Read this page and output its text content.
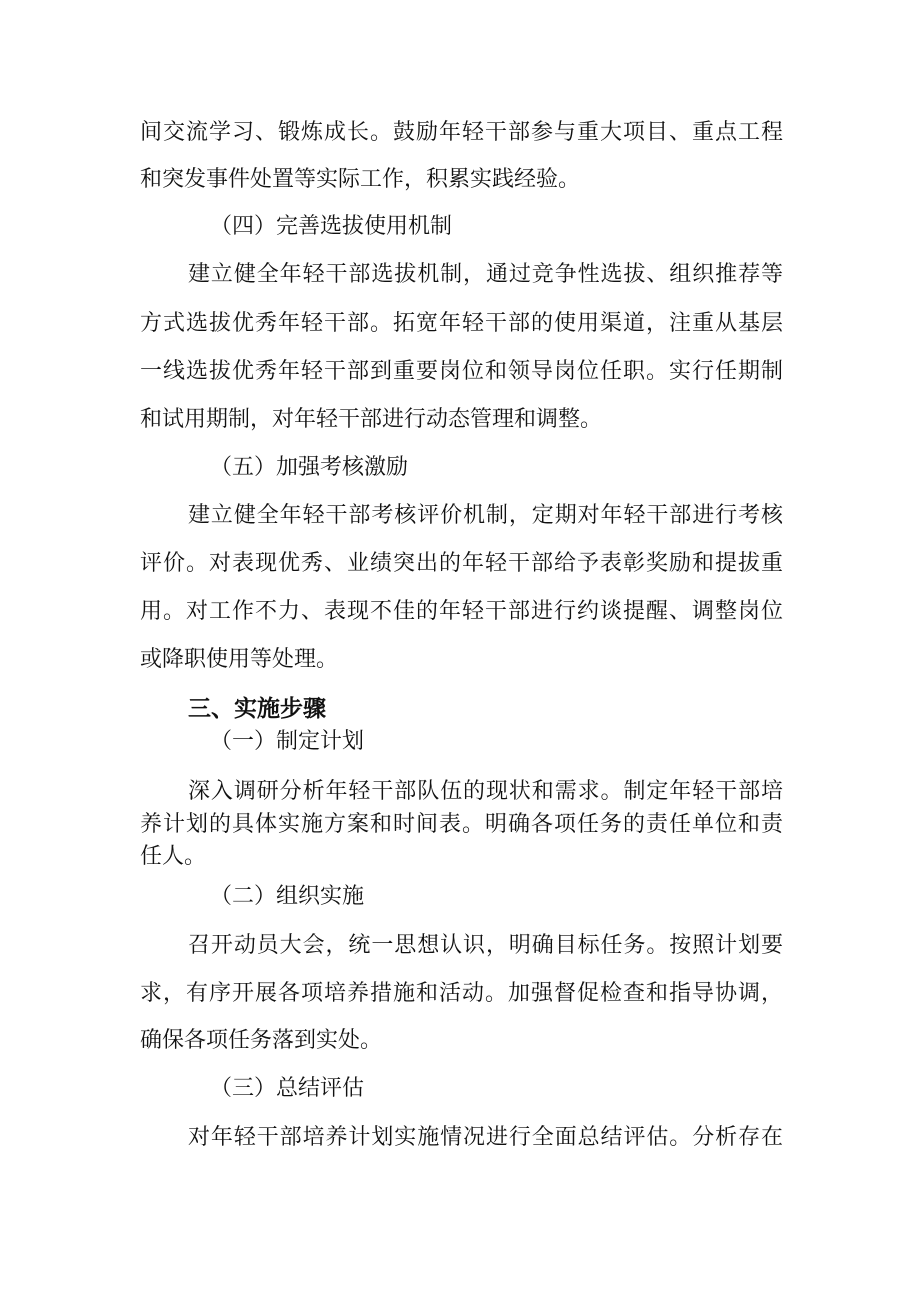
间交流学习、锻炼成长。鼓励年轻干部参与重大项目、重点工程
和突发事件处置等实际工作，积累实践经验。
（四）完善选拔使用机制
建立健全年轻干部选拔机制，通过竞争性选拔、组织推荐等
方式选拔优秀年轻干部。拓宽年轻干部的使用渠道，注重从基层
一线选拔优秀年轻干部到重要岗位和领导岗位任职。实行任期制
和试用期制，对年轻干部进行动态管理和调整。
（五）加强考核激励
建立健全年轻干部考核评价机制，定期对年轻干部进行考核
评价。对表现优秀、业绩突出的年轻干部给予表彰奖励和提拔重
用。对工作不力、表现不佳的年轻干部进行约谈提醒、调整岗位
或降职使用等处理。
三、实施步骤
（一）制定计划
深入调研分析年轻干部队伍的现状和需求。制定年轻干部培
养计划的具体实施方案和时间表。明确各项任务的责任单位和责
任人。
（二）组织实施
召开动员大会，统一思想认识，明确目标任务。按照计划要
求，有序开展各项培养措施和活动。加强督促检查和指导协调，
确保各项任务落到实处。
（三）总结评估
对年轻干部培养计划实施情况进行全面总结评估。分析存在
